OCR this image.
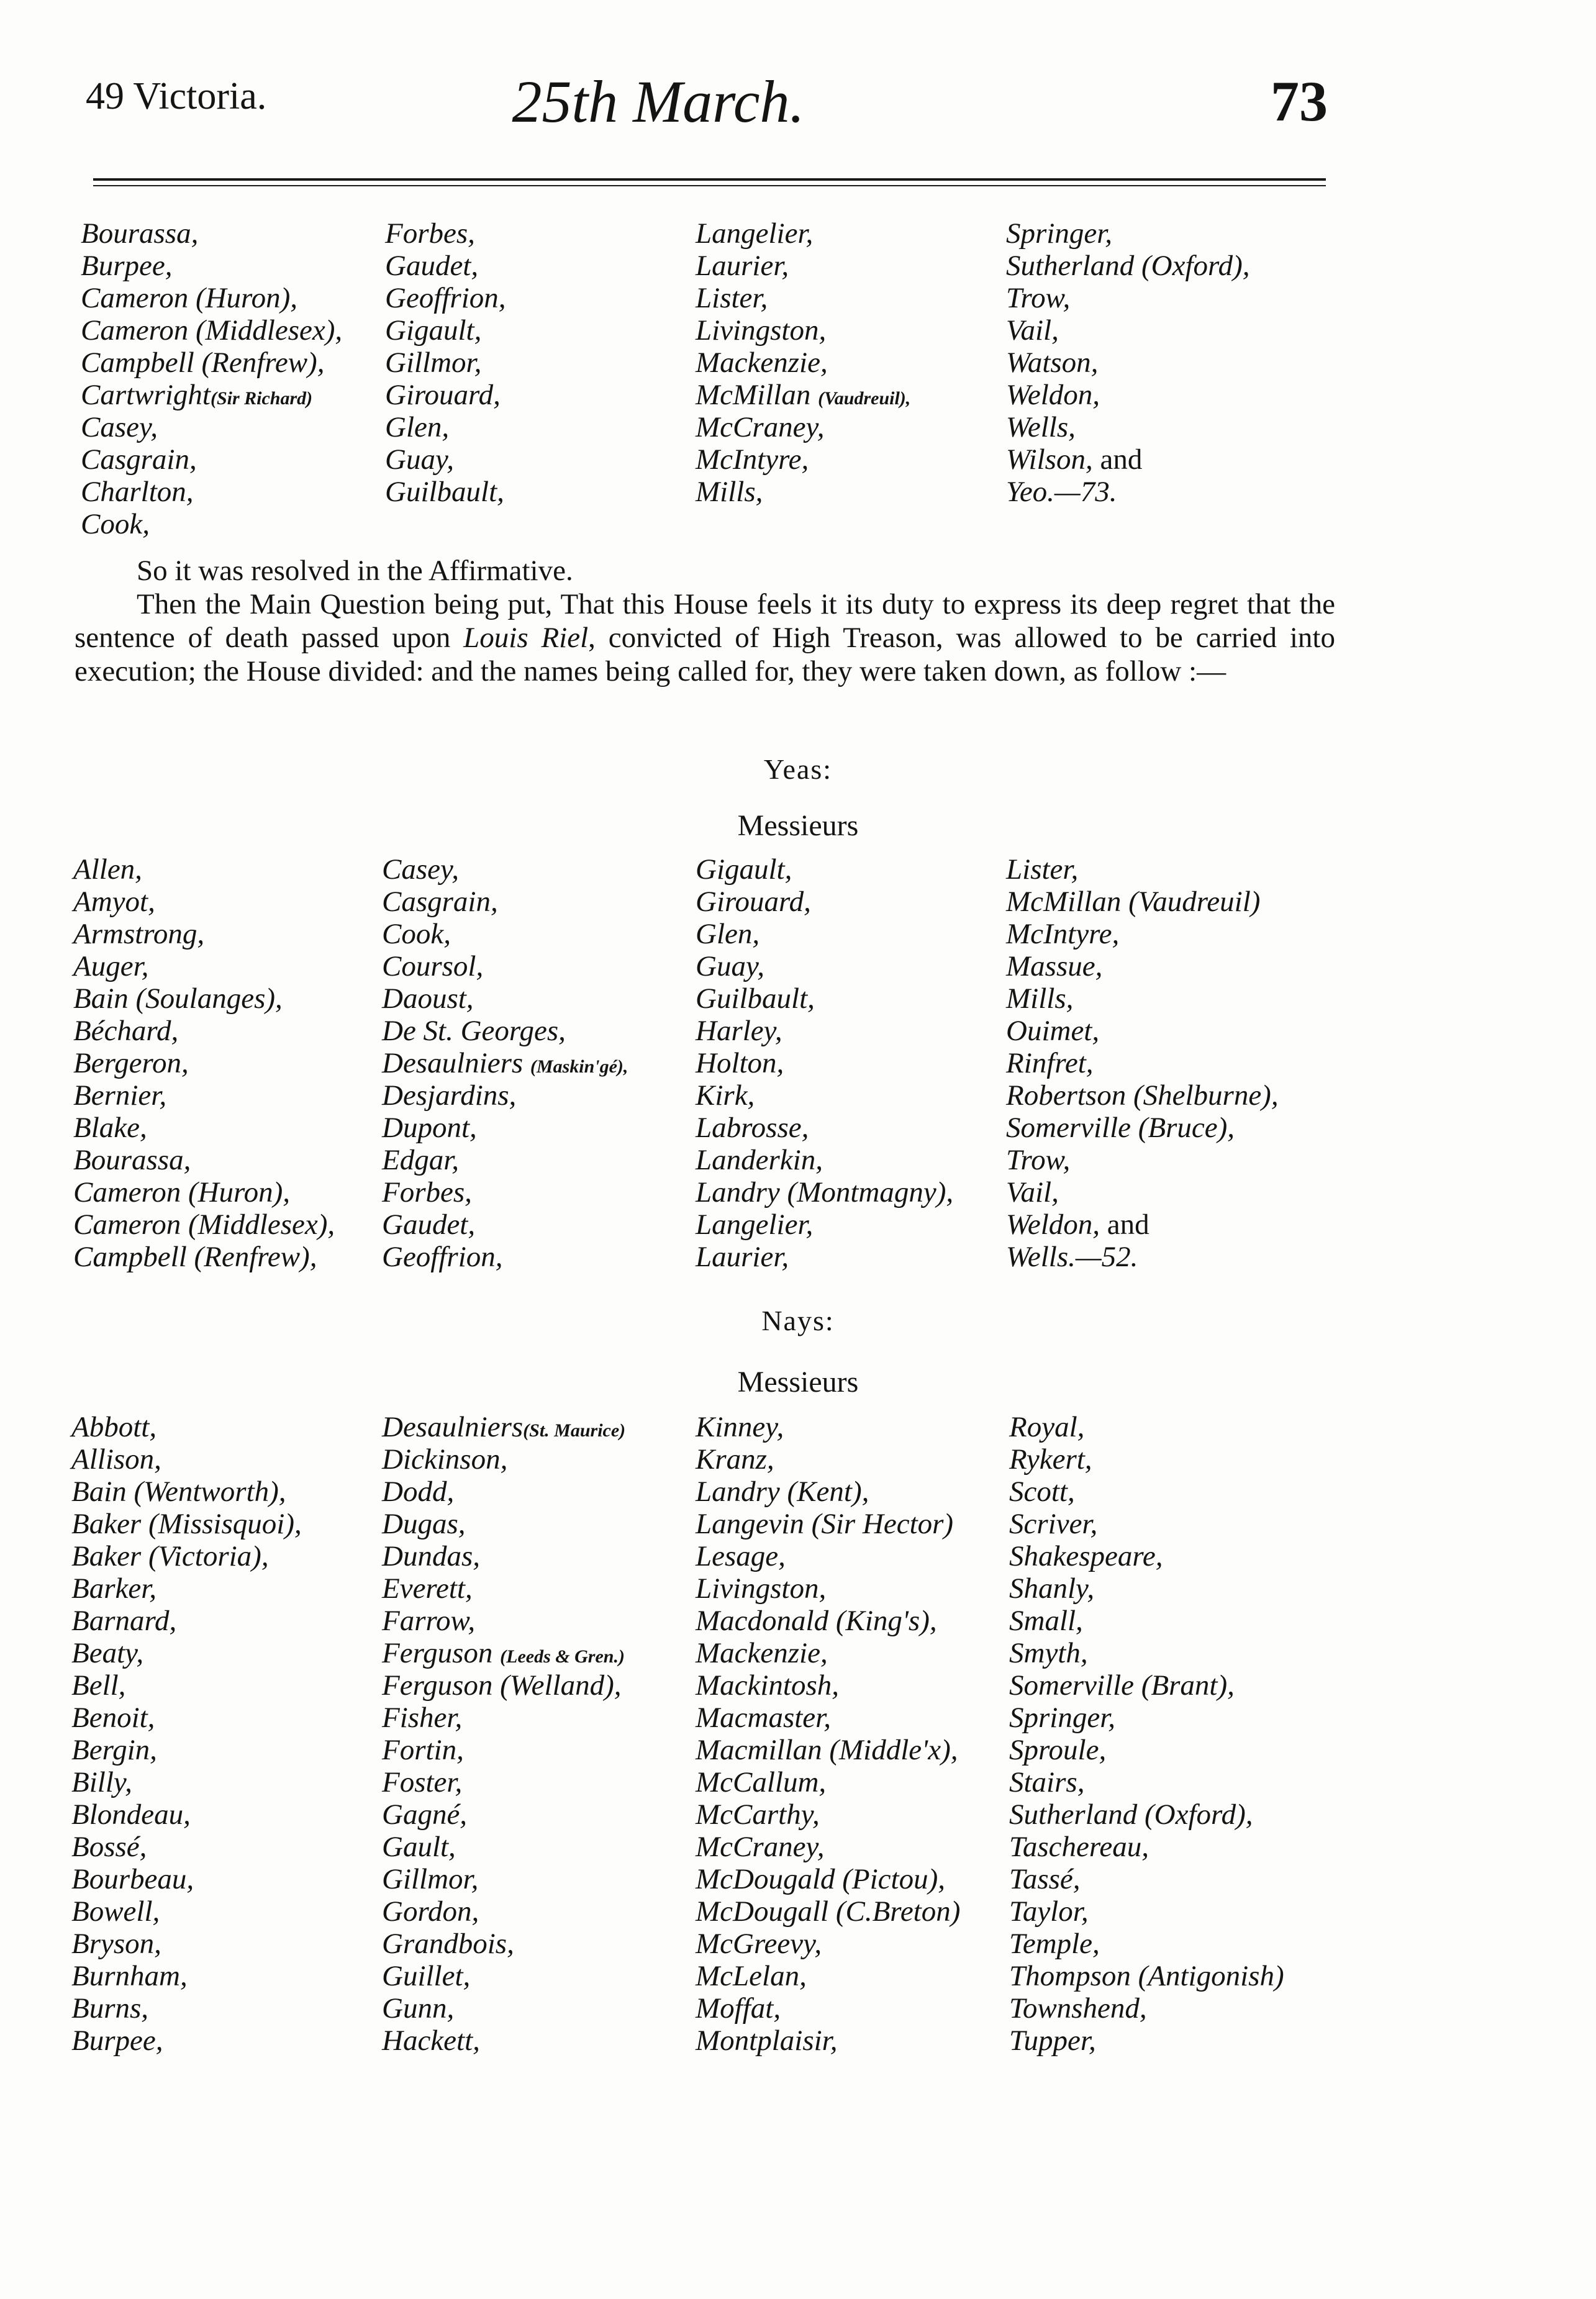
49 Victoria.	25th March.	73
Bourassa,
Burpee,
Cameron (Huron),
Cameron (Middlesex),
Campbell (Renfrew),
Cartwright(Sir Richard)
Casey,
Casgrain,
Charlton,
Cook,
Forbes,
Gaudet,
Geoffrion,
Gigault,
Gillmor,
Girouard,
Glen,
Guay,
Guilbault,
Langelier,
Laurier,
Lister,
Livingston,
Mackenzie,
McMillan (Vaudreuil),
McCraney,
McIntyre,
Mills,
Springer,
Sutherland (Oxford),
Trow,
Vail,
Watson,
Weldon,
Wells,
Wilson, and
Yeo.—73.

So it was resolved in the Affirmative.

Then the Main Question being put, That this House feels it its duty to express its deep regret that the sentence of death passed upon Louis Riel, convicted of High Treason, was allowed to be carried into execution; the House divided: and the names being called for, they were taken down, as follow :—

Yeas:
Messieurs
Allen,
Amyot,
Armstrong,
Auger,
Bain (Soulanges),
Béchard,
Bergeron,
Bernier,
Blake,
Bourassa,
Cameron (Huron),
Cameron (Middlesex),
Campbell (Renfrew),
Casey,
Casgrain,
Cook,
Coursol,
Daoust,
De St. Georges,
Desaulniers (Maskin'gé),
Desjardins,
Dupont,
Edgar,
Forbes,
Gaudet,
Geoffrion,
Gigault,
Girouard,
Glen,
Guay,
Guilbault,
Harley,
Holton,
Kirk,
Labrosse,
Landerkin,
Landry (Montmagny),
Langelier,
Laurier,
Lister,
McMillan (Vaudreuil)
McIntyre,
Massue,
Mills,
Ouimet,
Rinfret,
Robertson (Shelburne),
Somerville (Bruce),
Trow,
Vail,
Weldon, and
Wells.—52.
Nays:
Messieurs
Abbott,
Allison,
Bain (Wentworth),
Baker (Missisquoi),
Baker (Victoria),
Barker,
Barnard,
Beaty,
Bell,
Benoit,
Bergin,
Billy,
Blondeau,
Bossé,
Bourbeau,
Bowell,
Bryson,
Burnham,
Burns,
Burpee,
Desaulniers(St. Maurice)
Dickinson,
Dodd,
Dugas,
Dundas,
Everett,
Farrow,
Ferguson (Leeds & Gren.)
Ferguson (Welland),
Fisher,
Fortin,
Foster,
Gagné,
Gault,
Gillmor,
Gordon,
Grandbois,
Guillet,
Gunn,
Hackett,
Kinney,
Kranz,
Landry (Kent),
Langevin (Sir Hector)
Lesage,
Livingston,
Macdonald (King's),
Mackenzie,
Mackintosh,
Macmaster,
Macmillan (Middle'x),
McCallum,
McCarthy,
McCraney,
McDougald (Pictou),
McDougall (C.Breton)
McGreevy,
McLelan,
Moffat,
Montplaisir,
Royal,
Rykert,
Scott,
Scriver,
Shakespeare,
Shanly,
Small,
Smyth,
Somerville (Brant),
Springer,
Sproule,
Stairs,
Sutherland (Oxford),
Taschereau,
Tassé,
Taylor,
Temple,
Thompson (Antigonish)
Townshend,
Tupper,
